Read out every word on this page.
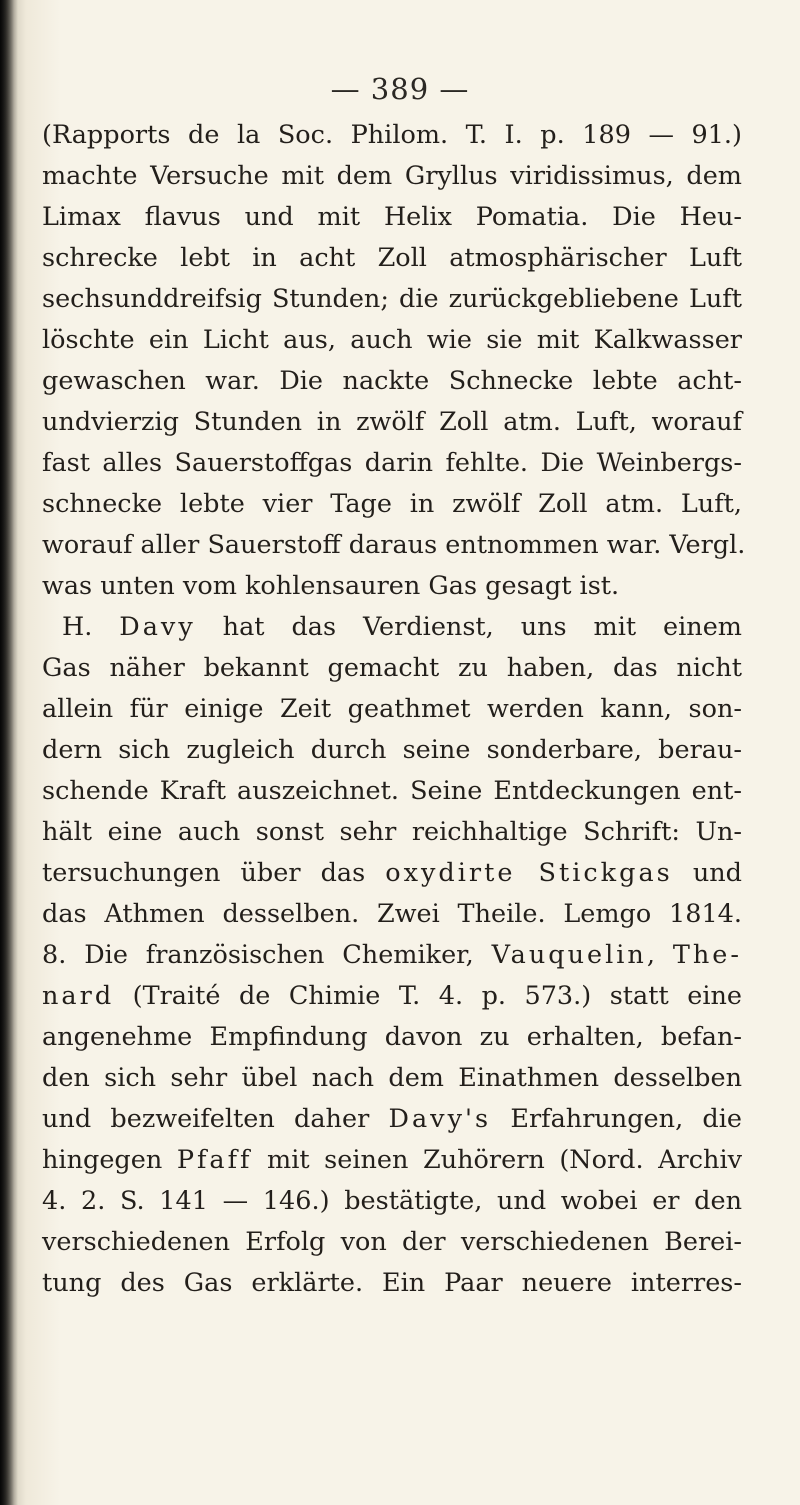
— 389 —
(Rapports de la Soc. Philom. T. I. p. 189 — 91.)
machte Versuche mit dem Gryllus viridissimus, dem
Limax flavus und mit Helix Pomatia. Die Heu-
schrecke lebt in acht Zoll atmosphärischer Luft
sechsunddreifsig Stunden; die zurückgebliebene Luft
löschte ein Licht aus, auch wie sie mit Kalkwasser
gewaschen war. Die nackte Schnecke lebte acht-
undvierzig Stunden in zwölf Zoll atm. Luft, worauf
fast alles Sauerstoffgas darin fehlte. Die Weinbergs-
schnecke lebte vier Tage in zwölf Zoll atm. Luft,
worauf aller Sauerstoff daraus entnommen war. Vergl.
was unten vom kohlensauren Gas gesagt ist.
H. Davy hat das Verdienst, uns mit einem
Gas näher bekannt gemacht zu haben, das nicht
allein für einige Zeit geathmet werden kann, son-
dern sich zugleich durch seine sonderbare, berau-
schende Kraft auszeichnet. Seine Entdeckungen ent-
hält eine auch sonst sehr reichhaltige Schrift: Un-
tersuchungen über das oxydirte Stickgas und
das Athmen desselben. Zwei Theile. Lemgo 1814.
8. Die französischen Chemiker, Vauquelin, The-
nard (Traité de Chimie T. 4. p. 573.) statt eine
angenehme Empfindung davon zu erhalten, befan-
den sich sehr übel nach dem Einathmen desselben
und bezweifelten daher Davy's Erfahrungen, die
hingegen Pfaff mit seinen Zuhörern (Nord. Archiv
4. 2. S. 141 — 146.) bestätigte, und wobei er den
verschiedenen Erfolg von der verschiedenen Berei-
tung des Gas erklärte. Ein Paar neuere interres-
